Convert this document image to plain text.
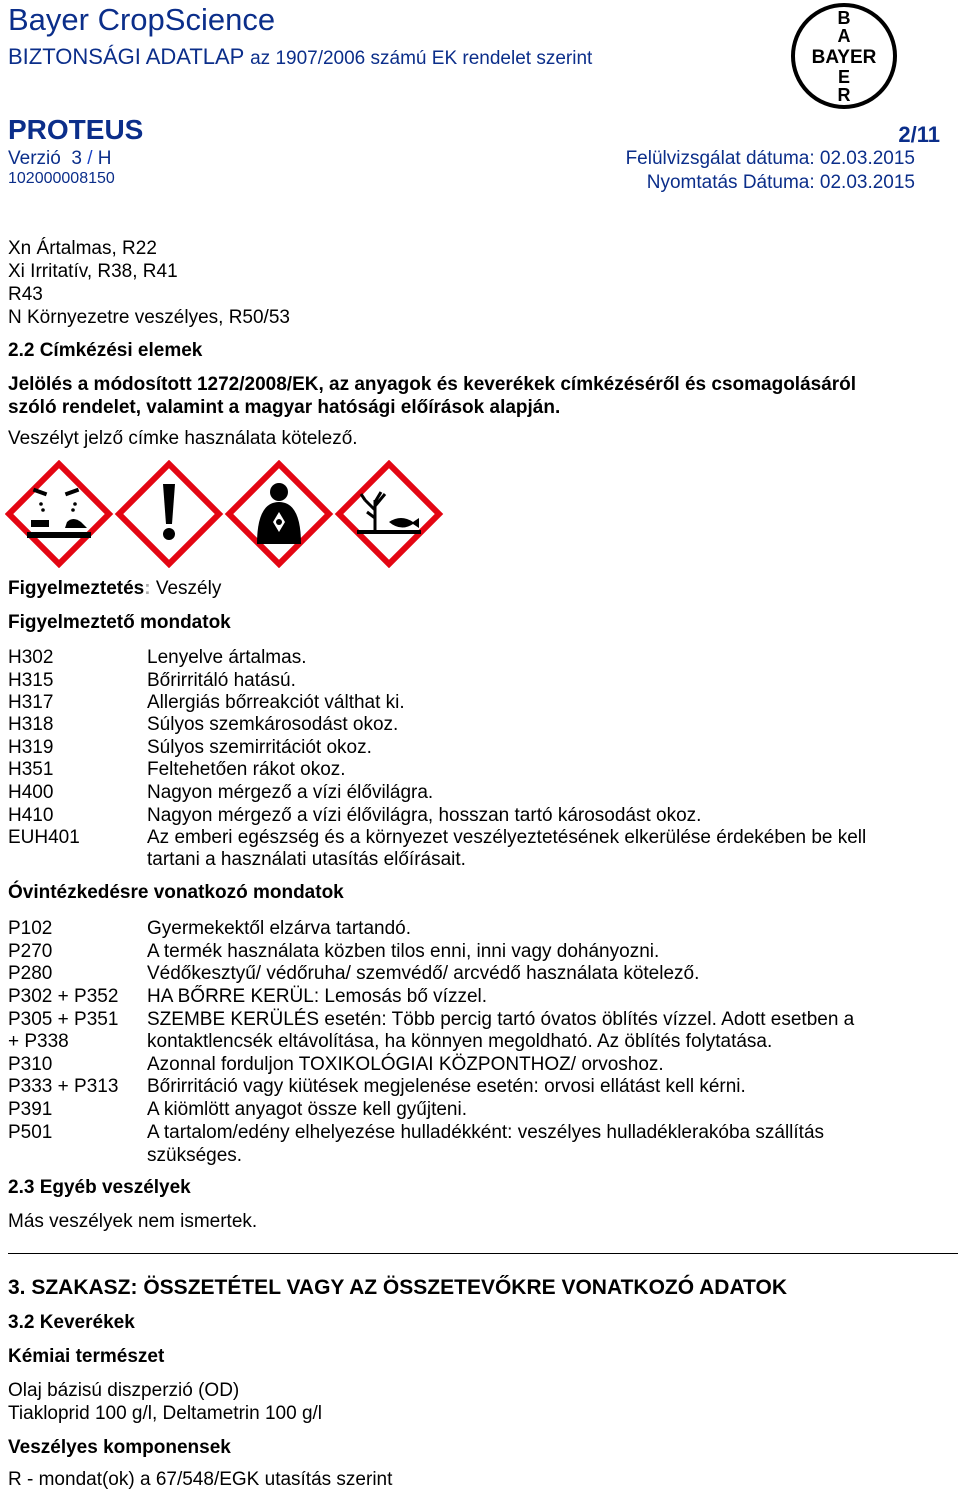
Bayer CropScience
BIZTONSÁGI ADATLAP az 1907/2006 számú EK rendelet szerint
B
A
BAYER
E
R
PROTEUS	2/11
Verzió 3 / H
102000008150
Felülvizsgálat dátuma: 02.03.2015
Nyomtatás Dátuma: 02.03.2015
Xn Ártalmas, R22
Xi Irritatív, R38, R41
R43
N Környezetre veszélyes, R50/53
2.2 Címkézési elemek
Jelölés a módosított 1272/2008/EK, az anyagok és keverékek címkézéséről és csomagolásáról
szóló rendelet, valamint a magyar hatósági előírások alapján.
Veszélyt jelző címke használata kötelező.
Figyelmeztetés: Veszély
Figyelmeztető mondatok
H302	Lenyelve ártalmas.
H315	Bőrirritáló hatású.
H317	Allergiás bőrreakciót válthat ki.
H318	Súlyos szemkárosodást okoz.
H319	Súlyos szemirritációt okoz.
H351	Feltehetően rákot okoz.
H400	Nagyon mérgező a vízi élővilágra.
H410	Nagyon mérgező a vízi élővilágra, hosszan tartó károsodást okoz.
EUH401	Az emberi egészség és a környezet veszélyeztetésének elkerülése érdekében be kell
tartani a használati utasítás előírásait.
Óvintézkedésre vonatkozó mondatok
P102	Gyermekektől elzárva tartandó.
P270	A termék használata közben tilos enni, inni vagy dohányozni.
P280	Védőkesztyű/ védőruha/ szemvédő/ arcvédő használata kötelező.
P302 + P352 HA BŐRRE KERÜL: Lemosás bő vízzel.
P305 + P351 SZEMBE KERÜLÉS esetén: Több percig tartó óvatos öblítés vízzel. Adott esetben a
+ P338	kontaktlencsék eltávolítása, ha könnyen megoldható. Az öblítés folytatása.
P310	Azonnal forduljon TOXIKOLÓGIAI KÖZPONTHOZ/ orvoshoz.
P333 + P313 Bőrirritáció vagy kiütések megjelenése esetén: orvosi ellátást kell kérni.
P391	A kiömlött anyagot össze kell gyűjteni.
P501	A tartalom/edény elhelyezése hulladékként: veszélyes hulladéklerakóba szállítás
szükséges.
2.3 Egyéb veszélyek
Más veszélyek nem ismertek.
3. SZAKASZ: ÖSSZETÉTEL VAGY AZ ÖSSZETEVŐKRE VONATKOZÓ ADATOK
3.2 Keverékek
Kémiai természet
Olaj bázisú diszperzió (OD)
Tiakloprid 100 g/l, Deltametrin 100 g/l
Veszélyes komponensek
R - mondat(ok) a 67/548/EGK utasítás szerint
